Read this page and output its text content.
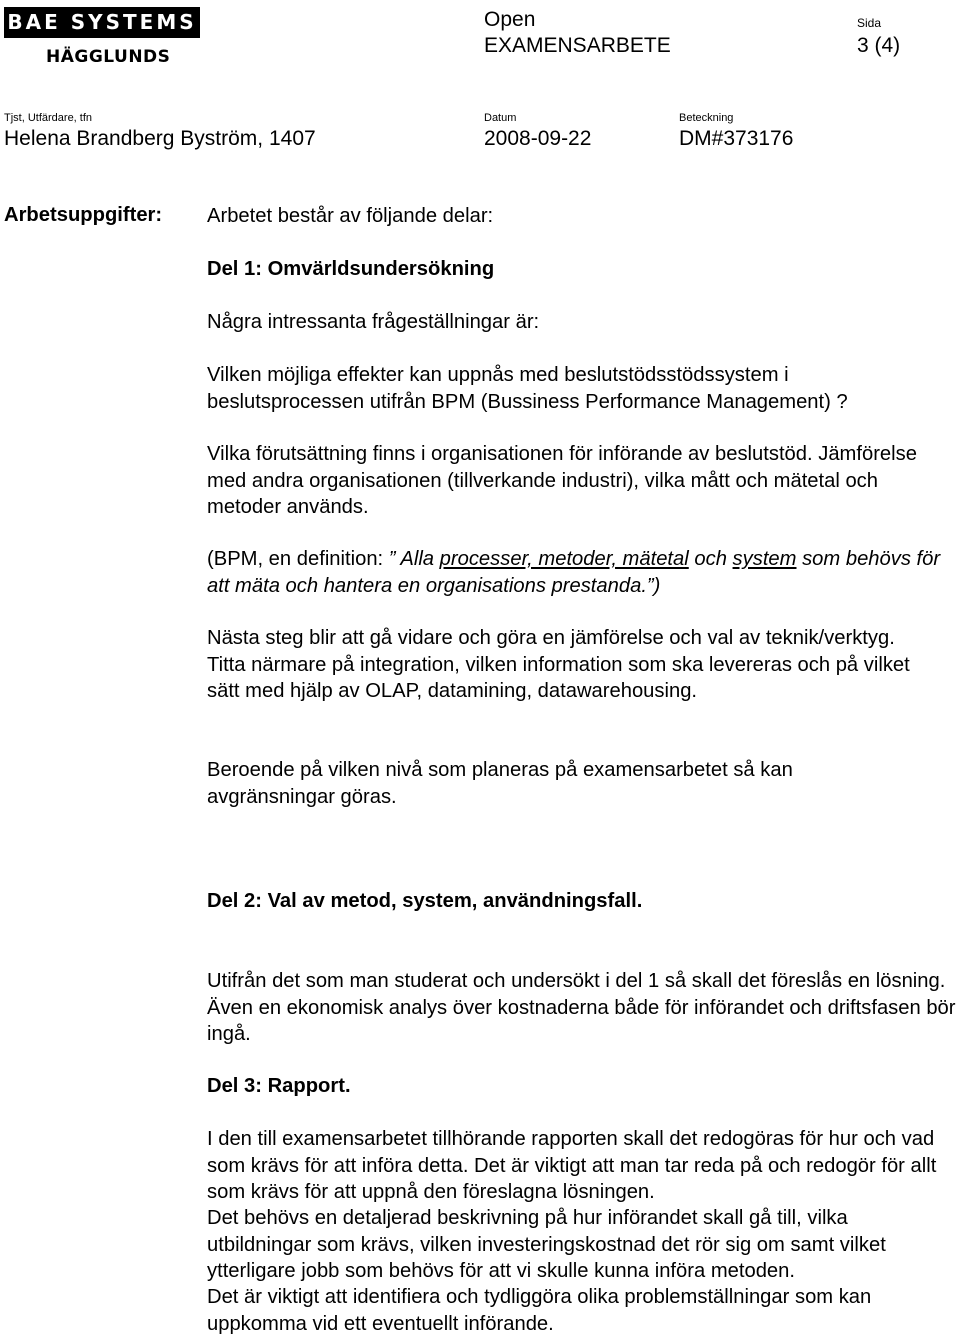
BAE SYSTEMS
HÄGGLUNDS
Open
EXAMENSARBETE
Sida
3 (4)
Tjst, Utfärdare, tfn
Helena Brandberg Byström, 1407
Datum
2008-09-22
Beteckning
DM#373176
Arbetsuppgifter: Arbetet består av följande delar:
Del 1: Omvärldsundersökning
Några intressanta frågeställningar är:
Vilken möjliga effekter kan uppnås med beslutstödsstödssystem i beslutsprocessen utifrån BPM (Bussiness Performance Management) ?
Vilka förutsättning finns i organisationen för införande av beslutstöd. Jämförelse med andra organisationen (tillverkande industri), vilka mått och mätetal och metoder används.
(BPM, en definition: ” Alla processer, metoder, mätetal och system som behövs för att mäta och hantera en organisations prestanda.”)
Nästa steg blir att gå vidare och göra en jämförelse och val av teknik/verktyg. Titta närmare på integration, vilken information som ska levereras och på vilket sätt med hjälp av OLAP, datamining, datawarehousing.
Beroende på vilken nivå som planeras på examensarbetet så kan avgränsningar göras.
Del 2: Val av metod, system, användningsfall.
Utifrån det som man studerat och undersökt i del 1 så skall det föreslås en lösning. Även en ekonomisk analys över kostnaderna både för införandet och driftsfasen bör ingå.
Del 3: Rapport.
I den till examensarbetet tillhörande rapporten skall det redogöras för hur och vad som krävs för att införa detta. Det är viktigt att man tar reda på och redogör för allt som krävs för att uppnå den föreslagna lösningen.
Det behövs en detaljerad beskrivning på hur införandet skall gå till, vilka utbildningar som krävs, vilken investeringskostnad det rör sig om samt vilket ytterligare jobb som behövs för att vi skulle kunna införa metoden.
Det är viktigt att identifiera och tydliggöra olika problemställningar som kan uppkomma vid ett eventuellt införande.
